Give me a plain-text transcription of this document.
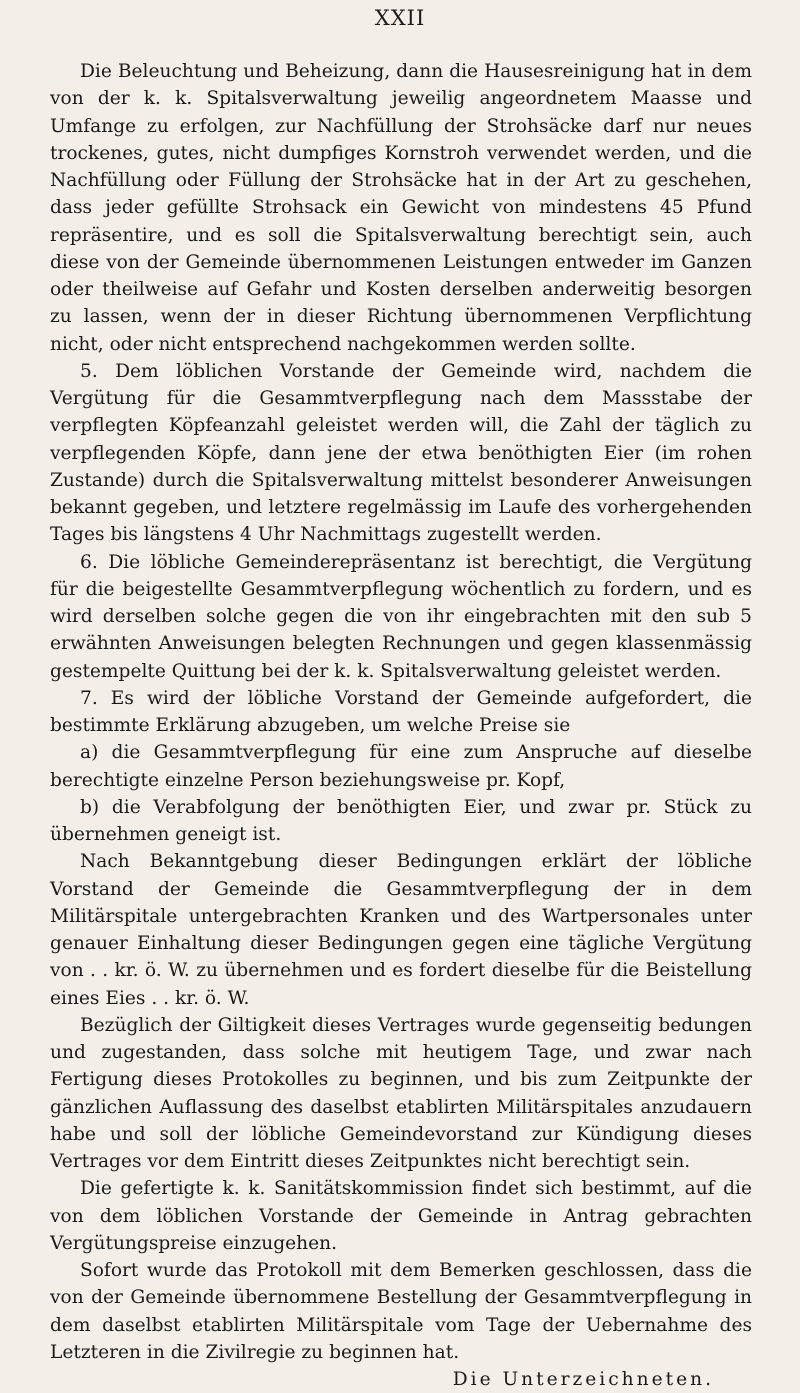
XXII

Die Beleuchtung und Beheizung, dann die Hausesreinigung hat in dem von der k. k. Spitalsverwaltung jeweilig angeordnetem Maasse und Umfange zu erfolgen, zur Nachfüllung der Strohsäcke darf nur neues trockenes, gutes, nicht dumpfiges Kornstroh verwendet werden, und die Nachfüllung oder Füllung der Strohsäcke hat in der Art zu geschehen, dass jeder gefüllte Strohsack ein Gewicht von mindestens 45 Pfund repräsentire, und es soll die Spitalsverwaltung berechtigt sein, auch diese von der Gemeinde übernommenen Leistungen entweder im Ganzen oder theilweise auf Gefahr und Kosten derselben anderweitig besorgen zu lassen, wenn der in dieser Richtung übernommenen Verpflichtung nicht, oder nicht entsprechend nachgekommen werden sollte.

5. Dem löblichen Vorstande der Gemeinde wird, nachdem die Vergütung für die Gesammtverpflegung nach dem Massstabe der verpflegten Köpfeanzahl geleistet werden will, die Zahl der täglich zu verpflegenden Köpfe, dann jene der etwa benöthigten Eier (im rohen Zustande) durch die Spitalsverwaltung mittelst besonderer Anweisungen bekannt gegeben, und letztere regelmässig im Laufe des vorhergehenden Tages bis längstens 4 Uhr Nachmittags zugestellt werden.

6. Die löbliche Gemeinderepräsentanz ist berechtigt, die Vergütung für die beigestellte Gesammtverpflegung wöchentlich zu fordern, und es wird derselben solche gegen die von ihr eingebrachten mit den sub 5 erwähnten Anweisungen belegten Rechnungen und gegen klassenmässig gestempelte Quittung bei der k. k. Spitalsverwaltung geleistet werden.

7. Es wird der löbliche Vorstand der Gemeinde aufgefordert, die bestimmte Erklärung abzugeben, um welche Preise sie

a) die Gesammtverpflegung für eine zum Anspruche auf dieselbe berechtigte einzelne Person beziehungsweise pr. Kopf,

b) die Verabfolgung der benöthigten Eier, und zwar pr. Stück zu übernehmen geneigt ist.

Nach Bekanntgebung dieser Bedingungen erklärt der löbliche Vorstand der Gemeinde die Gesammtverpflegung der in dem Militärspitale untergebrachten Kranken und des Wartpersonales unter genauer Einhaltung dieser Bedingungen gegen eine tägliche Vergütung von . . kr. ö. W. zu übernehmen und es fordert dieselbe für die Beistellung eines Eies . . kr. ö. W.

Bezüglich der Giltigkeit dieses Vertrages wurde gegenseitig bedungen und zugestanden, dass solche mit heutigem Tage, und zwar nach Fertigung dieses Protokolles zu beginnen, und bis zum Zeitpunkte der gänzlichen Auflassung des daselbst etablirten Militärspitales anzudauern habe und soll der löbliche Gemeindevorstand zur Kündigung dieses Vertrages vor dem Eintritt dieses Zeitpunktes nicht berechtigt sein.

Die gefertigte k. k. Sanitätskommission findet sich bestimmt, auf die von dem löblichen Vorstande der Gemeinde in Antrag gebrachten Vergütungspreise einzugehen.

Sofort wurde das Protokoll mit dem Bemerken geschlossen, dass die von der Gemeinde übernommene Bestellung der Gesammtverpflegung in dem daselbst etablirten Militärspitale vom Tage der Uebernahme des Letzteren in die Zivilregie zu beginnen hat.

Die Unterzeichneten.
